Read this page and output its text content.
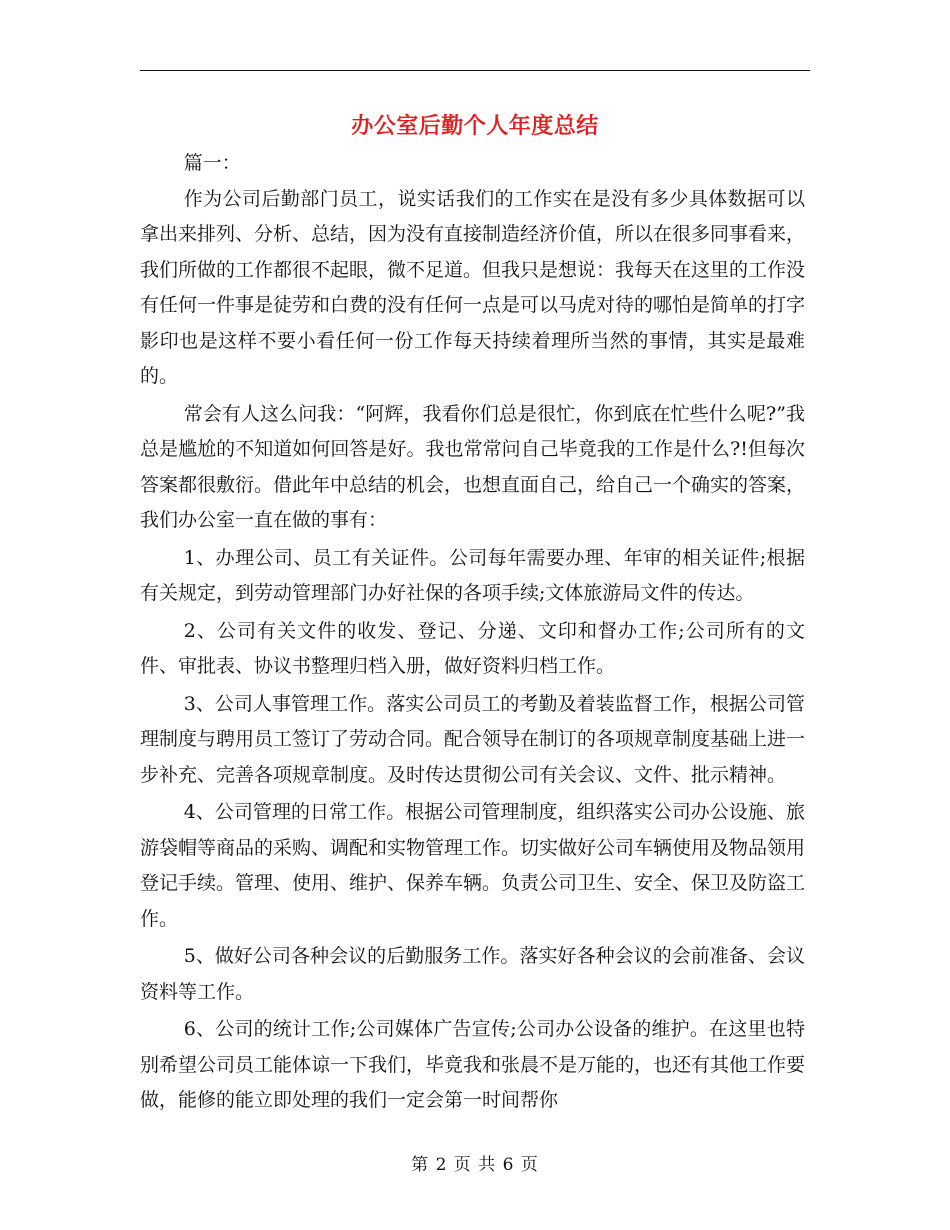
办公室后勤个人年度总结

篇一：

作为公司后勤部门员工，说实话我们的工作实在是没有多少具体数据可以拿出来排列、分析、总结，因为没有直接制造经济价值，所以在很多同事看来，我们所做的工作都很不起眼，微不足道。但我只是想说：我每天在这里的工作没有任何一件事是徒劳和白费的没有任何一点是可以马虎对待的哪怕是简单的打字影印也是这样不要小看任何一份工作每天持续着理所当然的事情，其实是最难的。

常会有人这么问我：“阿辉，我看你们总是很忙，你到底在忙些什么呢?”我总是尴尬的不知道如何回答是好。我也常常问自己毕竟我的工作是什么?!但每次答案都很敷衍。借此年中总结的机会，也想直面自己，给自己一个确实的答案，我们办公室一直在做的事有：

1、办理公司、员工有关证件。公司每年需要办理、年审的相关证件;根据有关规定，到劳动管理部门办好社保的各项手续;文体旅游局文件的传达。

2、公司有关文件的收发、登记、分递、文印和督办工作;公司所有的文件、审批表、协议书整理归档入册，做好资料归档工作。

3、公司人事管理工作。落实公司员工的考勤及着装监督工作，根据公司管理制度与聘用员工签订了劳动合同。配合领导在制订的各项规章制度基础上进一步补充、完善各项规章制度。及时传达贯彻公司有关会议、文件、批示精神。

4、公司管理的日常工作。根据公司管理制度，组织落实公司办公设施、旅游袋帽等商品的采购、调配和实物管理工作。切实做好公司车辆使用及物品领用登记手续。管理、使用、维护、保养车辆。负责公司卫生、安全、保卫及防盗工作。

5、做好公司各种会议的后勤服务工作。落实好各种会议的会前准备、会议资料等工作。

6、公司的统计工作;公司媒体广告宣传;公司办公设备的维护。在这里也特别希望公司员工能体谅一下我们，毕竟我和张晨不是万能的，也还有其他工作要做，能修的能立即处理的我们一定会第一时间帮你

第 2 页 共 6 页
